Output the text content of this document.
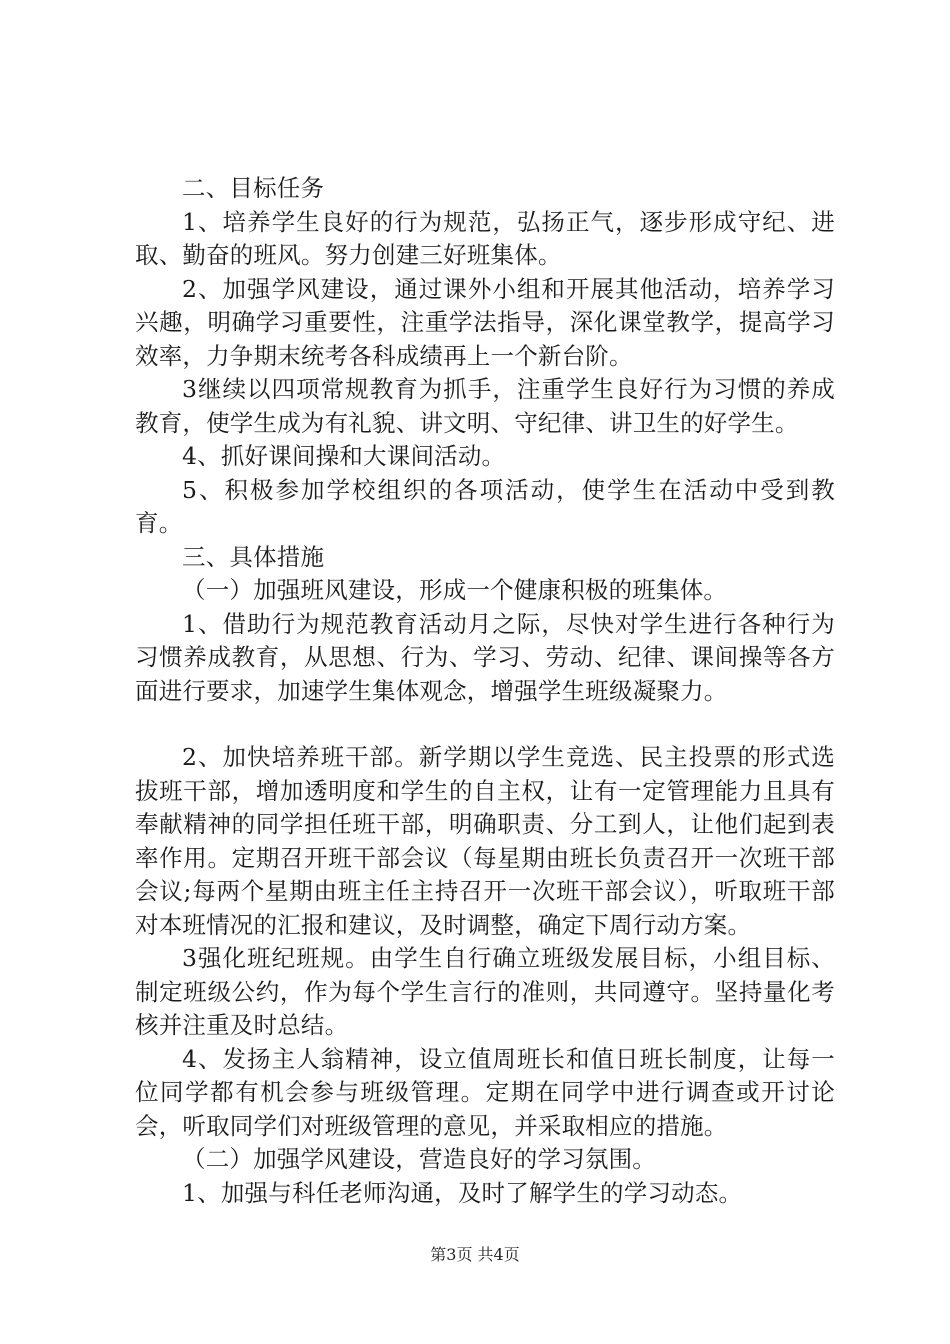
二、目标任务

1、培养学生良好的行为规范，弘扬正气，逐步形成守纪、进取、勤奋的班风。努力创建三好班集体。

2、加强学风建设，通过课外小组和开展其他活动，培养学习兴趣，明确学习重要性，注重学法指导，深化课堂教学，提高学习效率，力争期末统考各科成绩再上一个新台阶。

3继续以四项常规教育为抓手，注重学生良好行为习惯的养成教育，使学生成为有礼貌、讲文明、守纪律、讲卫生的好学生。

4、抓好课间操和大课间活动。

5、积极参加学校组织的各项活动，使学生在活动中受到教育。

三、具体措施

（一）加强班风建设，形成一个健康积极的班集体。

1、借助行为规范教育活动月之际，尽快对学生进行各种行为习惯养成教育，从思想、行为、学习、劳动、纪律、课间操等各方面进行要求，加速学生集体观念，增强学生班级凝聚力。

2、加快培养班干部。新学期以学生竞选、民主投票的形式选拔班干部，增加透明度和学生的自主权，让有一定管理能力且具有奉献精神的同学担任班干部，明确职责、分工到人，让他们起到表率作用。定期召开班干部会议（每星期由班长负责召开一次班干部会议;每两个星期由班主任主持召开一次班干部会议），听取班干部对本班情况的汇报和建议，及时调整，确定下周行动方案。

3强化班纪班规。由学生自行确立班级发展目标，小组目标、制定班级公约，作为每个学生言行的准则，共同遵守。坚持量化考核并注重及时总结。

4、发扬主人翁精神，设立值周班长和值日班长制度，让每一位同学都有机会参与班级管理。定期在同学中进行调查或开讨论会，听取同学们对班级管理的意见，并采取相应的措施。

（二）加强学风建设，营造良好的学习氛围。

1、加强与科任老师沟通，及时了解学生的学习动态。

第3页 共4页
